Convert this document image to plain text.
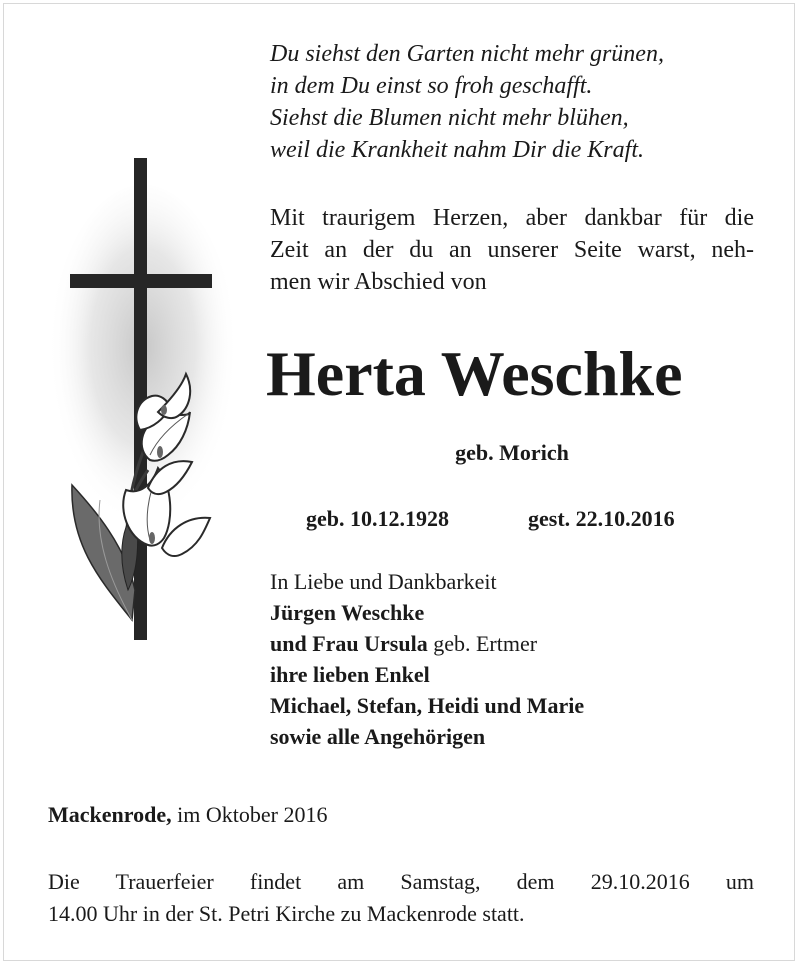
Du siehst den Garten nicht mehr grünen,
in dem Du einst so froh geschafft.
Siehst die Blumen nicht mehr blühen,
weil die Krankheit nahm Dir die Kraft.
Mit traurigem Herzen, aber dankbar für die
Zeit an der du an unserer Seite warst, neh-
men wir Abschied von
Herta Weschke
geb. Morich
geb. 10.12.1928	gest. 22.10.2016
In Liebe und Dankbarkeit
Jürgen Weschke
und Frau Ursula geb. Ertmer
ihre lieben Enkel
Michael, Stefan, Heidi und Marie
sowie alle Angehörigen
Mackenrode, im Oktober 2016
Die Trauerfeier findet am Samstag, dem 29.10.2016 um
14.00 Uhr in der St. Petri Kirche zu Mackenrode statt.
